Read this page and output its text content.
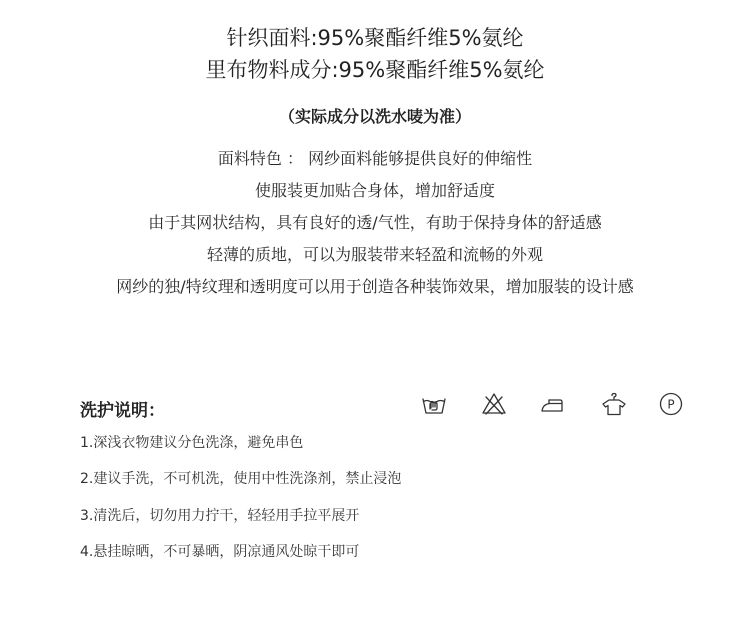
针织面料:95%聚酯纤维5%氨纶
里布物料成分:95%聚酯纤维5%氨纶
（实际成分以洗水唛为准）
面料特色 ： 网纱面料能够提供良好的伸缩性
使服装更加贴合身体，增加舒适度
由于其网状结构，具有良好的透/气性，有助于保持身体的舒适感
轻薄的质地，可以为服装带来轻盈和流畅的外观
网纱的独/特纹理和透明度可以用于创造各种装饰效果，增加服装的设计感
洗护说明：	P
1.深浅衣物建议分色洗涤，避免串色
2.建议手洗，不可机洗，使用中性洗涤剂，禁止浸泡
3.清洗后，切勿用力拧干，轻轻用手拉平展开
4.悬挂晾晒，不可暴晒，阴凉通风处晾干即可
